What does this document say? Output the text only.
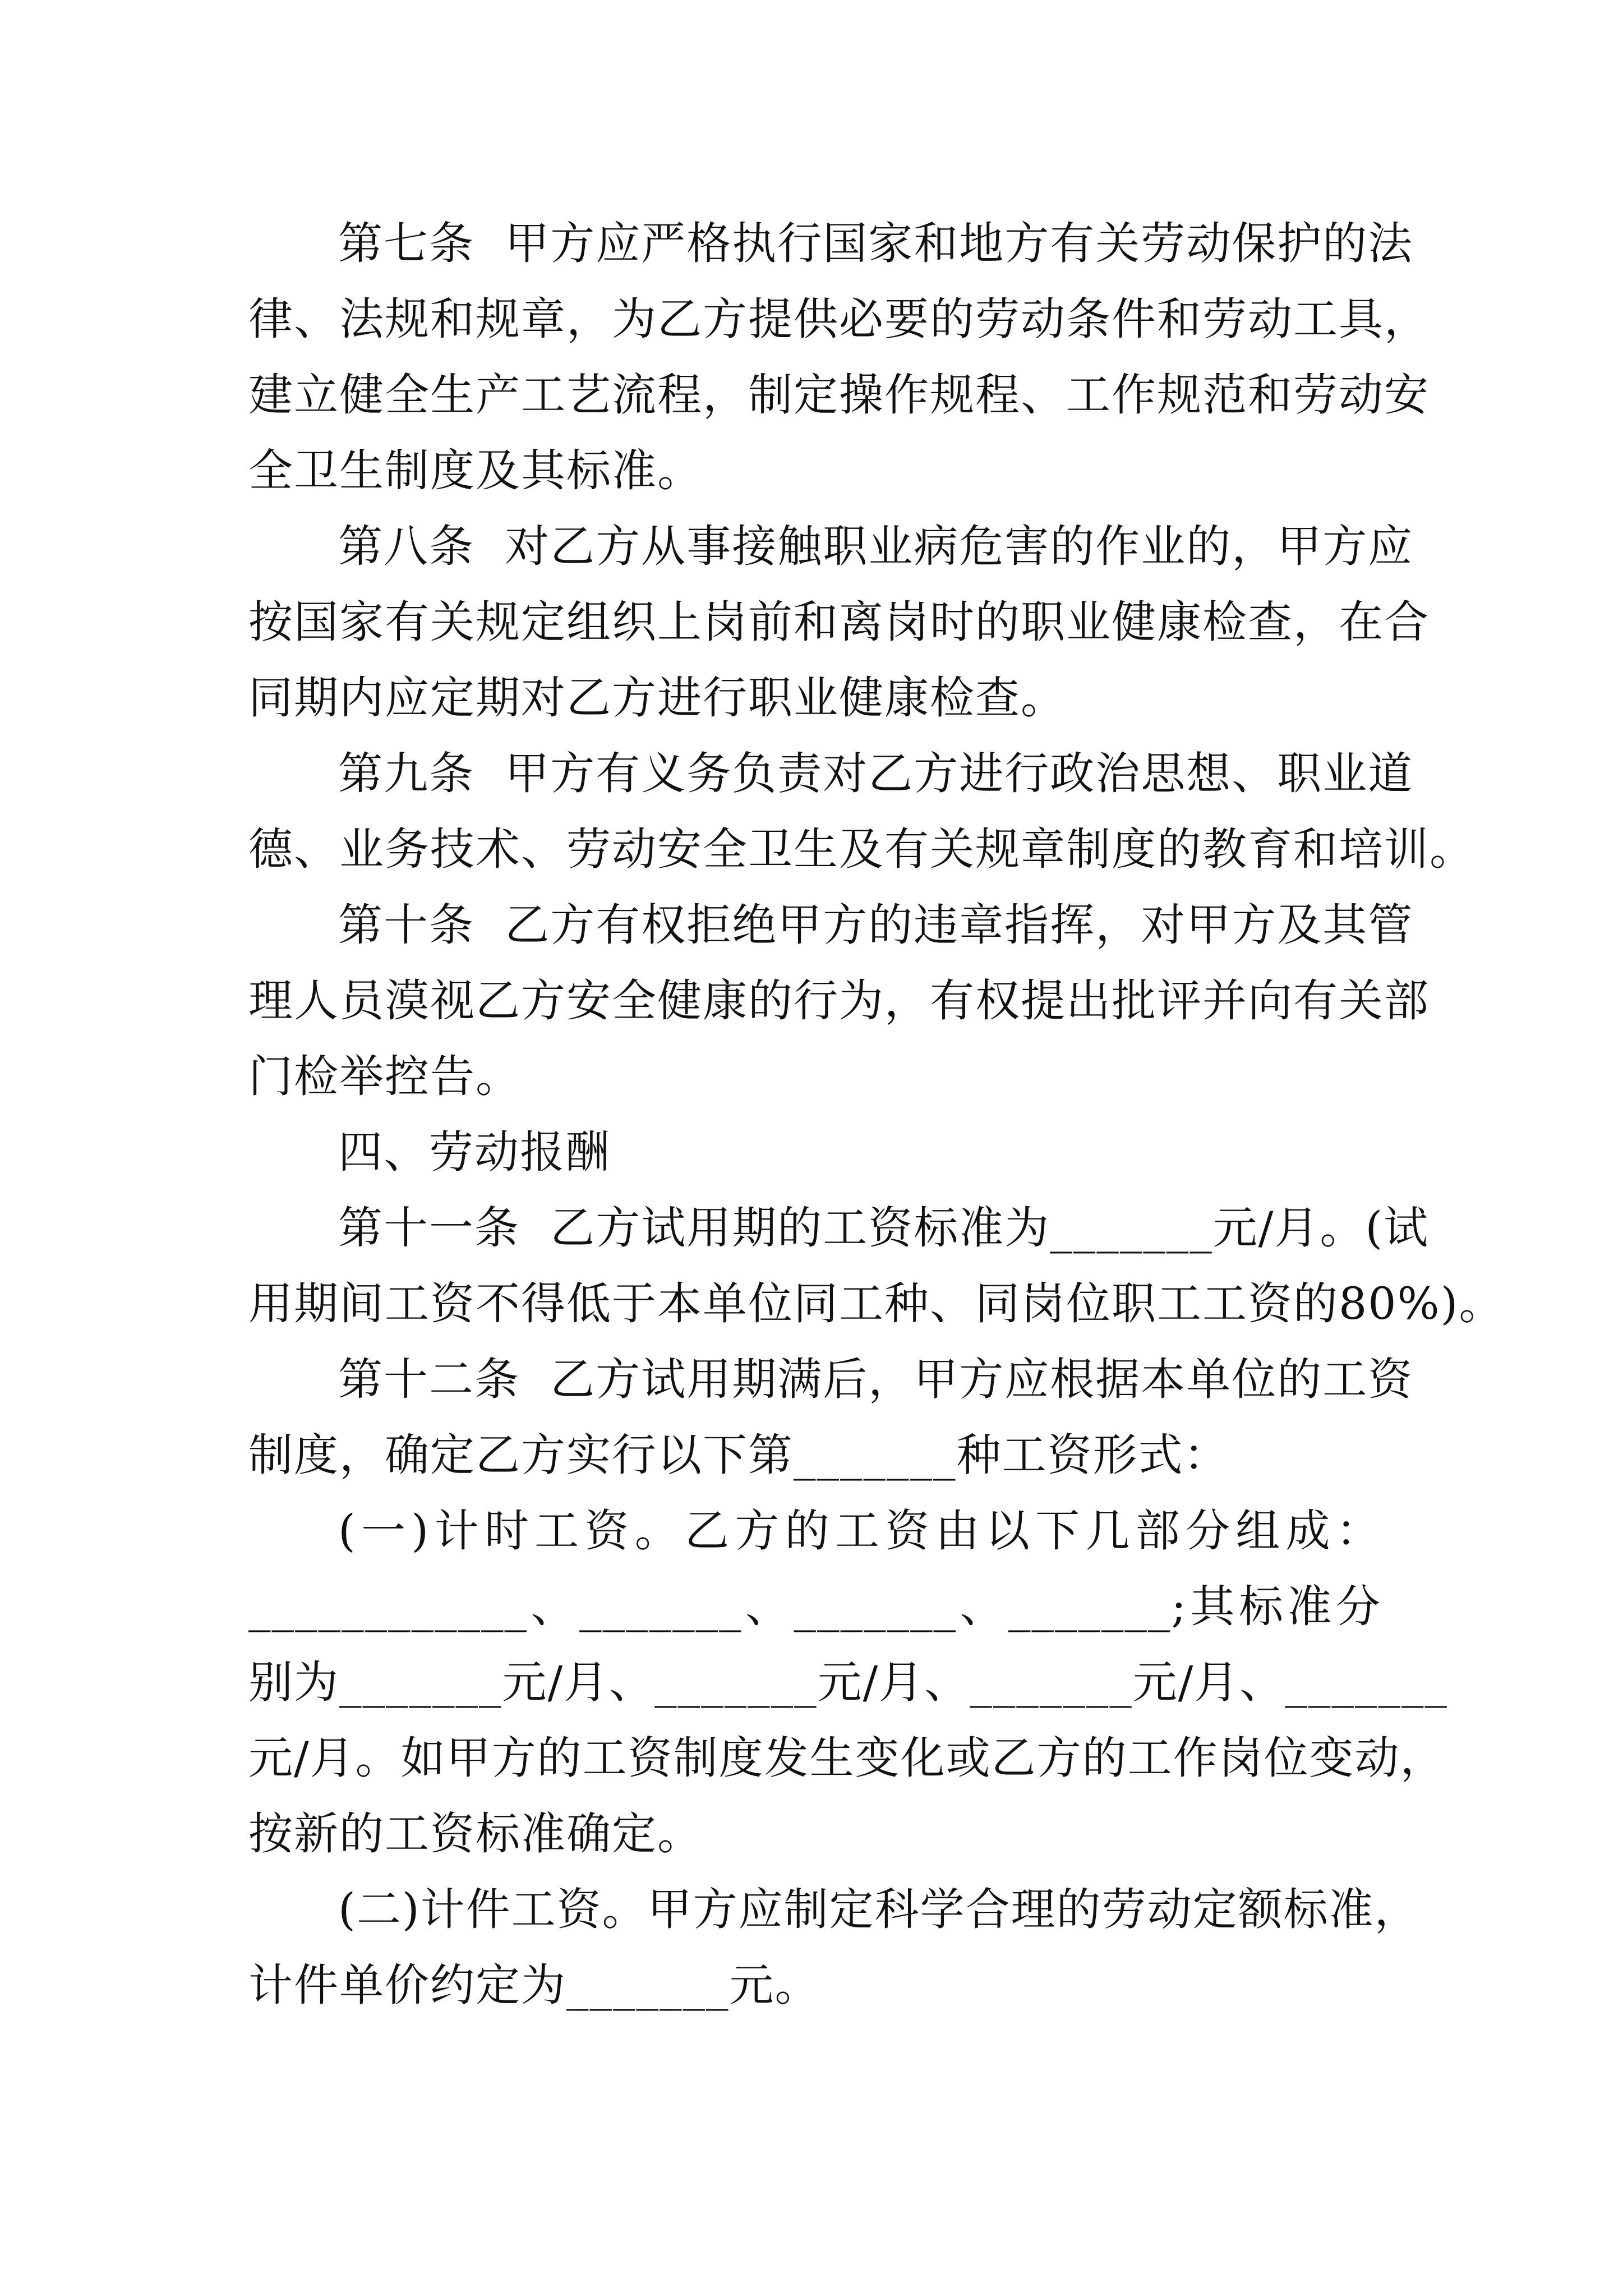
第七条  甲方应严格执行国家和地方有关劳动保护的法
律、法规和规章，为乙方提供必要的劳动条件和劳动工具，
建立健全生产工艺流程，制定操作规程、工作规范和劳动安
全卫生制度及其标准。
第八条  对乙方从事接触职业病危害的作业的，甲方应
按国家有关规定组织上岗前和离岗时的职业健康检查，在合
同期内应定期对乙方进行职业健康检查。
第九条  甲方有义务负责对乙方进行政治思想、职业道
德、业务技术、劳动安全卫生及有关规章制度的教育和培训。
第十条  乙方有权拒绝甲方的违章指挥，对甲方及其管
理人员漠视乙方安全健康的行为，有权提出批评并向有关部
门检举控告。
四、劳动报酬
第十一条  乙方试用期的工资标准为_______元/月。(试
用期间工资不得低于本单位同工种、同岗位职工工资的80%)。
第十二条  乙方试用期满后，甲方应根据本单位的工资
制度，确定乙方实行以下第_______种工资形式：
(一)计时工资。乙方的工资由以下几部分组成：
____________、_______、_______、_______;其标准分
别为_______元/月、_______元/月、_______元/月、_______
元/月。如甲方的工资制度发生变化或乙方的工作岗位变动，
按新的工资标准确定。
(二)计件工资。甲方应制定科学合理的劳动定额标准，
计件单价约定为_______元。
